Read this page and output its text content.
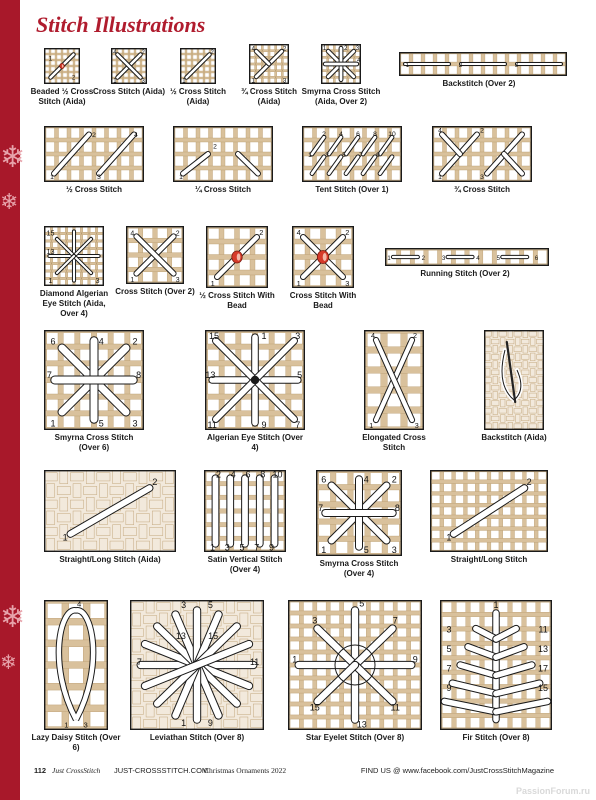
❄
❄
❄
❄
Stitch Illustrations
1
2
Beaded ½ Cross Stitch (Aida)
4	2
1	3
Cross Stitch (Aida)
2
1
½ Cross Stitch (Aida)
4	2
1	3
¾ Cross Stitch (Aida)
1	2 3
4
Smyrna Cross Stitch (Aida, Over 2)
1	2	3
Backstitch (Over 2)
2	4
1	3
½ Cross Stitch
2
1
¼ Cross Stitch
2 4 6 8 10
1 3 5 7 9
Tent Stitch (Over 1)
4	2
1	3
¾ Cross Stitch
15
13
1	3
Diamond Algerian Eye Stitch (Aida, Over 4)
4	2
1	3
Cross Stitch (Over 2)
2
1
½ Cross Stitch With Bead
4	2
1	3
Cross Stitch With Bead
1	2	3	4	5	6
Running Stitch (Over 2)
6	4	2
8
7
1	5	3
Smyrna Cross Stitch (Over 6)
15	1
13	5
11	9	7
3
Algerian Eye Stitch (Over 4)
4	2
1	3
Elongated Cross Stitch
Backstitch (Aida)
2
1
Straight/Long Stitch (Aida)
1
2
3
4
5
6
7
8
9
10
Satin Vertical Stitch (Over 4)
6	4	2
8
7
1	5	3
Smyrna Cross Stitch (Over 4)
2
1
Straight/Long Stitch
4
1 3
Lazy Daisy Stitch (Over 6)
3 5
13 15
7	11
1 9
Leviathan Stitch (Over 8)
5
7
9
3
1
15
13
11
Star Eyelet Stitch (Over 8)
1
3
5
7
9
11
13
17
15
Fir Stitch (Over 8)
112 Just CrossStitch JUST-CROSSSTITCH.COM
Christmas Ornaments 2022	FIND US @ www.facebook.com/JustCrossStitchMagazine
PassionForum.ru
